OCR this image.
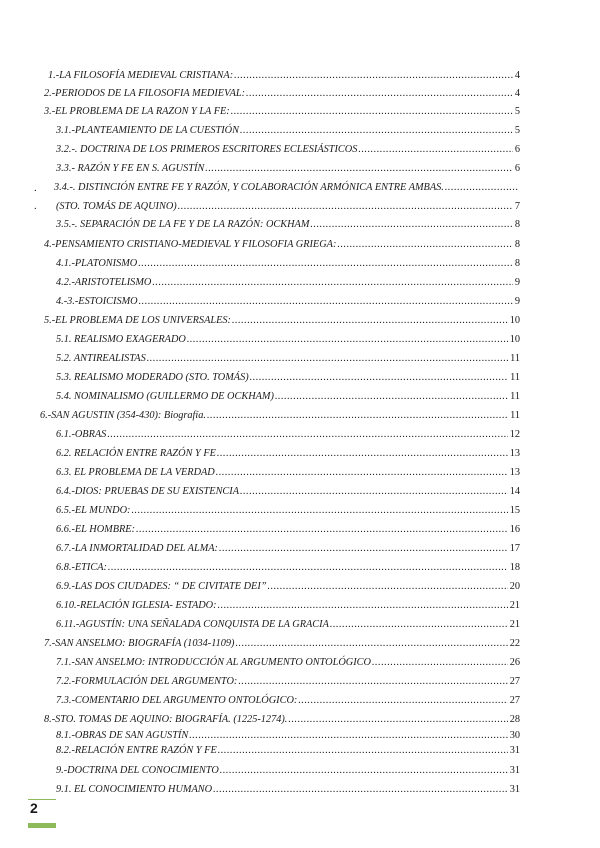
1.-LA FILOSOFÍA MEDIEVAL CRISTIANA: .....	4
2.-PERIODOS DE LA FILOSOFIA MEDIEVAL: .....	4
3.-EL PROBLEMA DE LA RAZON Y LA FE: .....	5
3.1.-PLANTEAMIENTO DE LA CUESTIÓN .....	5
3.2.-. DOCTRINA DE LOS PRIMEROS ESCRITORES ECLESIÁSTICOS .....	6
3.3.- RAZÓN Y FE EN S. AGUSTÍN .....	6
3.4.-. DISTINCIÓN ENTRE FE Y RAZÓN, Y COLABORACIÓN ARMÓNICA ENTRE AMBAS.
.....
(STO. TOMÁS DE AQUINO) .....	7
3.5.-. SEPARACIÓN DE LA FE Y DE LA RAZÓN: OCKHAM .....	8
4.-PENSAMIENTO CRISTIANO-MEDIEVAL Y FILOSOFIA GRIEGA: .....	8
4.1.-PLATONISMO .....	8
4.2.-ARISTOTELISMO .....	9
4.-3.-ESTOICISMO .....	9
5.-EL PROBLEMA DE LOS UNIVERSALES: .....	10
5.1. REALISMO EXAGERADO .....	10
5.2. ANTIREALISTAS .....	11
5.3. REALISMO MODERADO (STO. TOMÁS) .....	11
5.4. NOMINALISMO (GUILLERMO DE OCKHAM) .....	11
6.-SAN AGUSTIN (354-430): Biografía. .....	11
6.1.-OBRAS .....	12
6.2. RELACIÓN ENTRE RAZÓN Y FE .....	13
6.3. EL PROBLEMA DE LA VERDAD .....	13
6.4.-DIOS: PRUEBAS DE SU EXISTENCIA .....	14
6.5.-EL MUNDO: .....	15
6.6.-EL HOMBRE: .....	16
6.7.-LA INMORTALIDAD DEL ALMA: .....	17
6.8.-ETICA: .....	18
6.9.-LAS DOS CIUDADES: “ DE CIVITATE DEI” .....	20
6.10.-RELACIÓN IGLESIA- ESTADO: .....	21
6.11.-AGUSTÍN: UNA SEÑALADA CONQUISTA DE LA GRACIA .....	21
7.-SAN ANSELMO: BIOGRAFÍA (1034-1109) .....	22
7.1.-SAN ANSELMO: INTRODUCCIÓN AL ARGUMENTO ONTOLÓGICO .....	26
7.2.-FORMULACIÓN DEL ARGUMENTO: .....	27
7.3.-COMENTARIO DEL ARGUMENTO ONTOLÓGICO: .....	27
8.-STO. TOMAS DE AQUINO: BIOGRAFÍA. (1225-1274). .....	28
8.1.-OBRAS DE SAN AGUSTÍN .....	30
8.2.-RELACIÓN ENTRE RAZÓN Y FE .....	31
9.-DOCTRINA DEL CONOCIMIENTO .....	31
9.1. EL CONOCIMIENTO HUMANO .....	31
.
.
2
